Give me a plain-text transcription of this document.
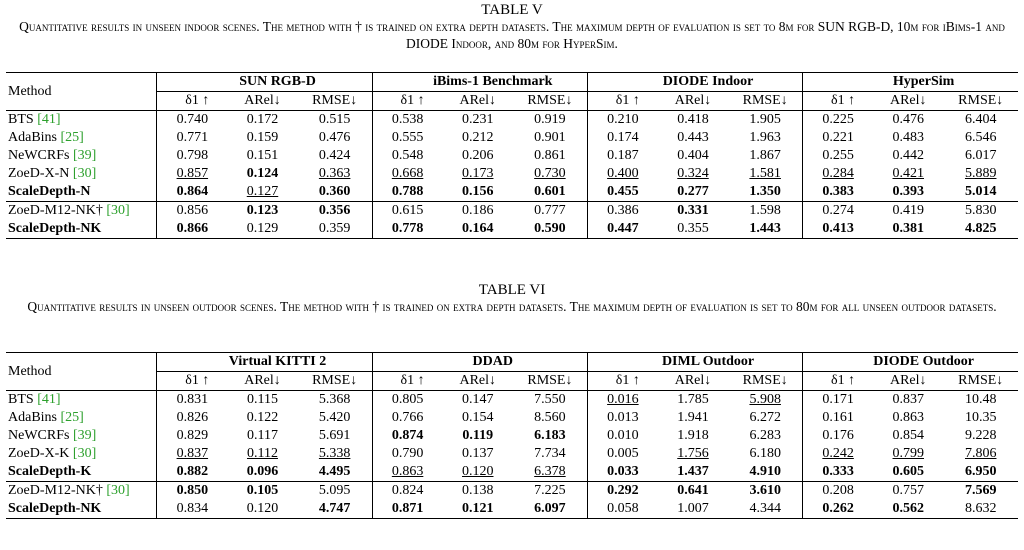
TABLE V
Quantitative results in unseen indoor scenes. The method with † is trained on extra depth datasets. The maximum depth of evaluation is set to 8m for SUN RGB-D, 10m for iBims-1 and DIODE Indoor, and 80m for HyperSim.
Method	SUN RGB-D			iBims-1 Benchmark			DIODE Indoor			HyperSim		
	δ1 ↑	ARel↓	RMSE↓	δ1 ↑	ARel↓	RMSE↓	δ1 ↑	ARel↓	RMSE↓	δ1 ↑	ARel↓	RMSE↓
BTS [41]	0.740	0.172	0.515	0.538	0.231	0.919	0.210	0.418	1.905	0.225	0.476	6.404
AdaBins [25]	0.771	0.159	0.476	0.555	0.212	0.901	0.174	0.443	1.963	0.221	0.483	6.546
NeWCRFs [39]	0.798	0.151	0.424	0.548	0.206	0.861	0.187	0.404	1.867	0.255	0.442	6.017
ZoeD-X-N [30]	0.857	0.124	0.363	0.668	0.173	0.730	0.400	0.324	1.581	0.284	0.421	5.889
ScaleDepth-N	0.864	0.127	0.360	0.788	0.156	0.601	0.455	0.277	1.350	0.383	0.393	5.014
ZoeD-M12-NK† [30]	0.856	0.123	0.356	0.615	0.186	0.777	0.386	0.331	1.598	0.274	0.419	5.830
ScaleDepth-NK	0.866	0.129	0.359	0.778	0.164	0.590	0.447	0.355	1.443	0.413	0.381	4.825
TABLE VI
Quantitative results in unseen outdoor scenes. The method with † is trained on extra depth datasets. The maximum depth of evaluation is set to 80m for all unseen outdoor datasets.
Method	Virtual KITTI 2			DDAD			DIML Outdoor			DIODE Outdoor		
	δ1 ↑	ARel↓	RMSE↓	δ1 ↑	ARel↓	RMSE↓	δ1 ↑	ARel↓	RMSE↓	δ1 ↑	ARel↓	RMSE↓
BTS [41]	0.831	0.115	5.368	0.805	0.147	7.550	0.016	1.785	5.908	0.171	0.837	10.48
AdaBins [25]	0.826	0.122	5.420	0.766	0.154	8.560	0.013	1.941	6.272	0.161	0.863	10.35
NeWCRFs [39]	0.829	0.117	5.691	0.874	0.119	6.183	0.010	1.918	6.283	0.176	0.854	9.228
ZoeD-X-K [30]	0.837	0.112	5.338	0.790	0.137	7.734	0.005	1.756	6.180	0.242	0.799	7.806
ScaleDepth-K	0.882	0.096	4.495	0.863	0.120	6.378	0.033	1.437	4.910	0.333	0.605	6.950
ZoeD-M12-NK† [30]	0.850	0.105	5.095	0.824	0.138	7.225	0.292	0.641	3.610	0.208	0.757	7.569
ScaleDepth-NK	0.834	0.120	4.747	0.871	0.121	6.097	0.058	1.007	4.344	0.262	0.562	8.632
